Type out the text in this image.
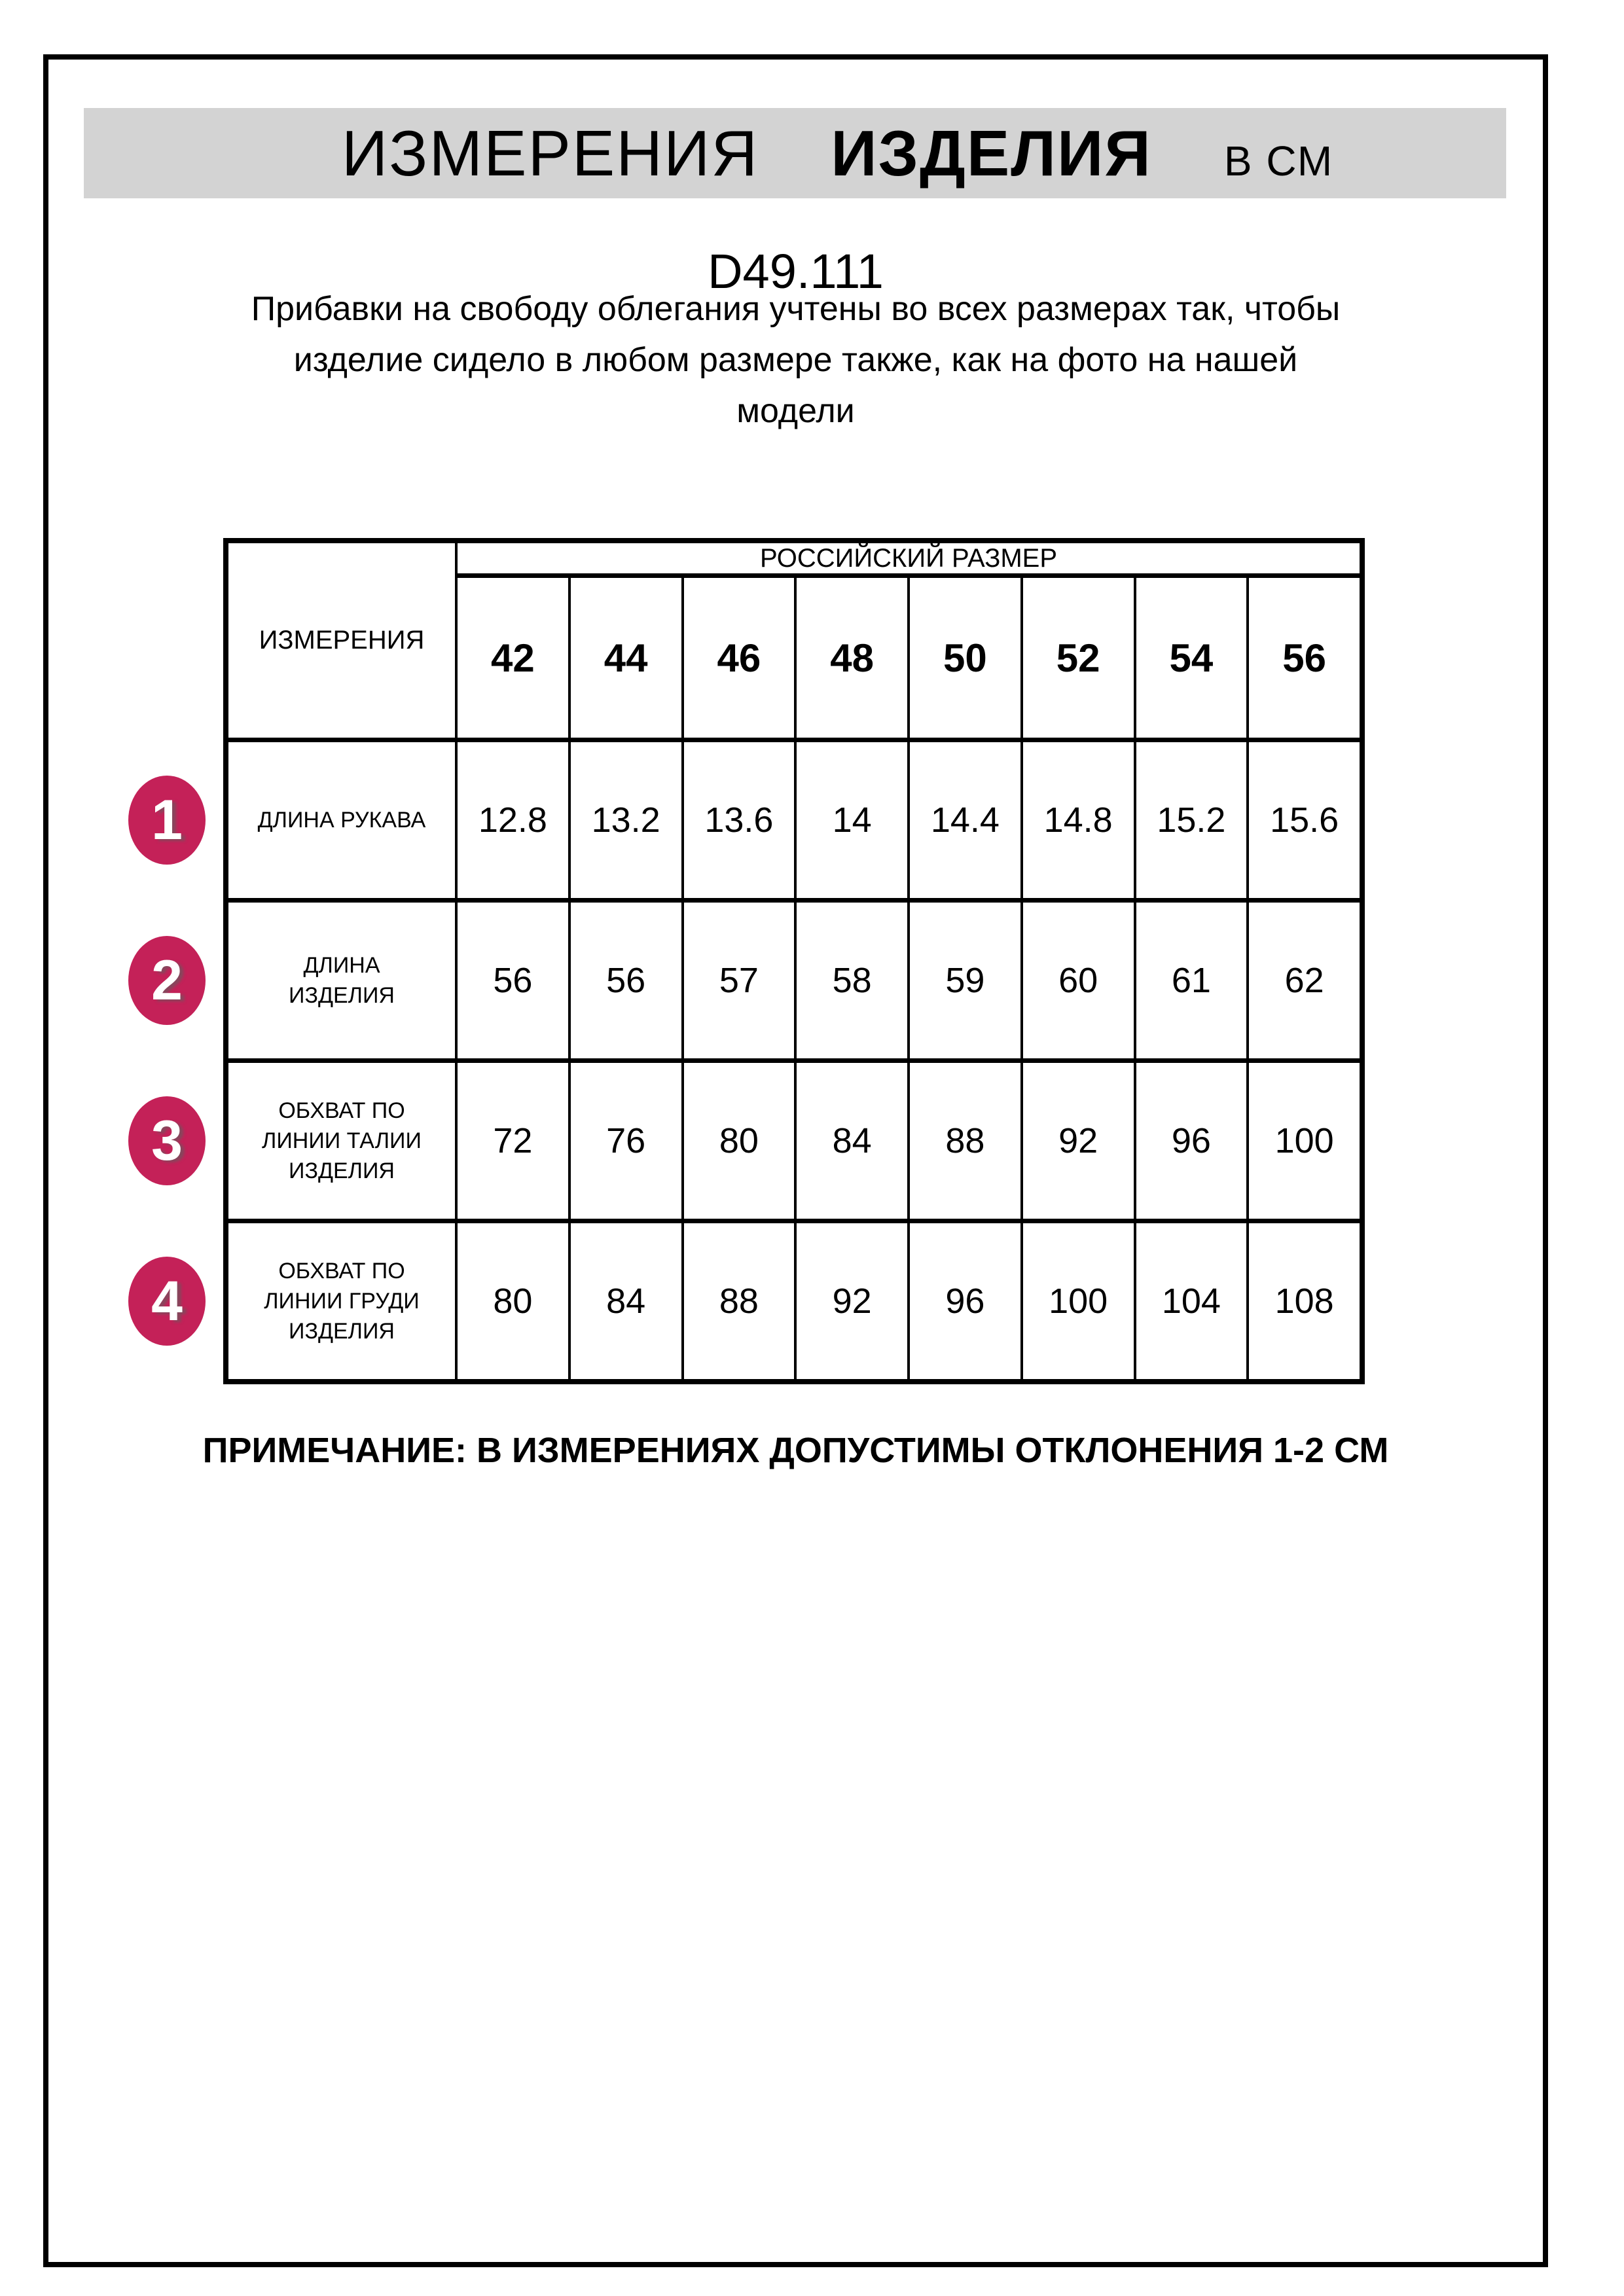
ИЗМЕРЕНИЯ ИЗДЕЛИЯ В СМ
D49.111
Прибавки на свободу облегания учтены во всех размерах так, чтобы
изделие сидело в любом размере также, как на фото на нашей
модели
ИЗМЕРЕНИЯ
РОССИЙСКИЙ РАЗМЕР
42	44	46	48	50	52	54	56
ДЛИНА РУКАВА	12.8	13.2	13.6	14	14.4	14.8	15.2	15.6
ДЛИНА
ИЗДЕЛИЯ	56	56	57	58	59	60	61	62
ОБХВАТ ПО
ЛИНИИ ТАЛИИ
ИЗДЕЛИЯ
72	76	80	84	88	92	96	100
ОБХВАТ ПО
ЛИНИИ ГРУДИ
ИЗДЕЛИЯ
80	84	88	92	96	100	104	108
1
2
3
4
ПРИМЕЧАНИЕ: В ИЗМЕРЕНИЯХ ДОПУСТИМЫ ОТКЛОНЕНИЯ 1-2 СМ
